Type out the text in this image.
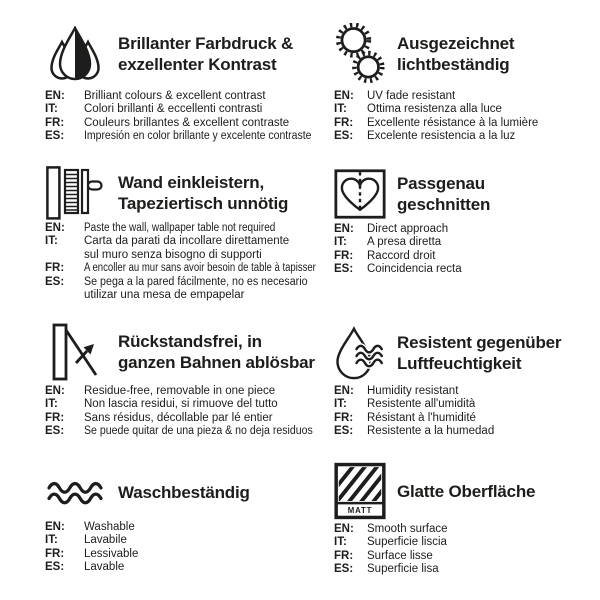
Brillanter Farbdruck &
exzellenter Kontrast
EN:	Brilliant colours & excellent contrast
IT:	Colori brillanti & eccellenti contrasti
FR:	Couleurs brillantes & excellent contraste
ES:	Impresión en color brillante y excelente contraste
Ausgezeichnet
lichtbeständig
EN:	UV fade resistant
IT:	Ottima resistenza alla luce
FR:	Excellente résistance à la lumière
ES:	Excelente resistencia a la luz
Wand einkleistern,
Tapeziertisch unnötig
EN:	Paste the wall, wallpaper table not required
IT:	Carta da parati da incollare direttamente
sul muro senza bisogno di supporti
FR:	A encoller au mur sans avoir besoin de table à tapisser
ES:	Se pega a la pared fácilmente, no es necesario
utilizar una mesa de empapelar
Passgenau
geschnitten
EN:	Direct approach
IT:	A presa diretta
FR:	Raccord droit
ES:	Coincidencia recta
Rückstandsfrei, in
ganzen Bahnen ablösbar
EN:	Residue-free, removable in one piece
IT:	Non lascia residui, si rimuove del tutto
FR:	Sans résidus, décollable par lé entier
ES:	Se puede quitar de una pieza & no deja residuos
Resistent gegenüber
Luftfeuchtigkeit
EN:	Humidity resistant
IT:	Resistente all'umidità
FR:	Résistant à l'humidité
ES:	Resistente a la humedad
Waschbeständig
EN:	Washable
IT:	Lavabile
FR:	Lessivable
ES:	Lavable
MATT
Glatte Oberfläche
EN:	Smooth surface
IT:	Superficie liscia
FR:	Surface lisse
ES:	Superficie lisa
